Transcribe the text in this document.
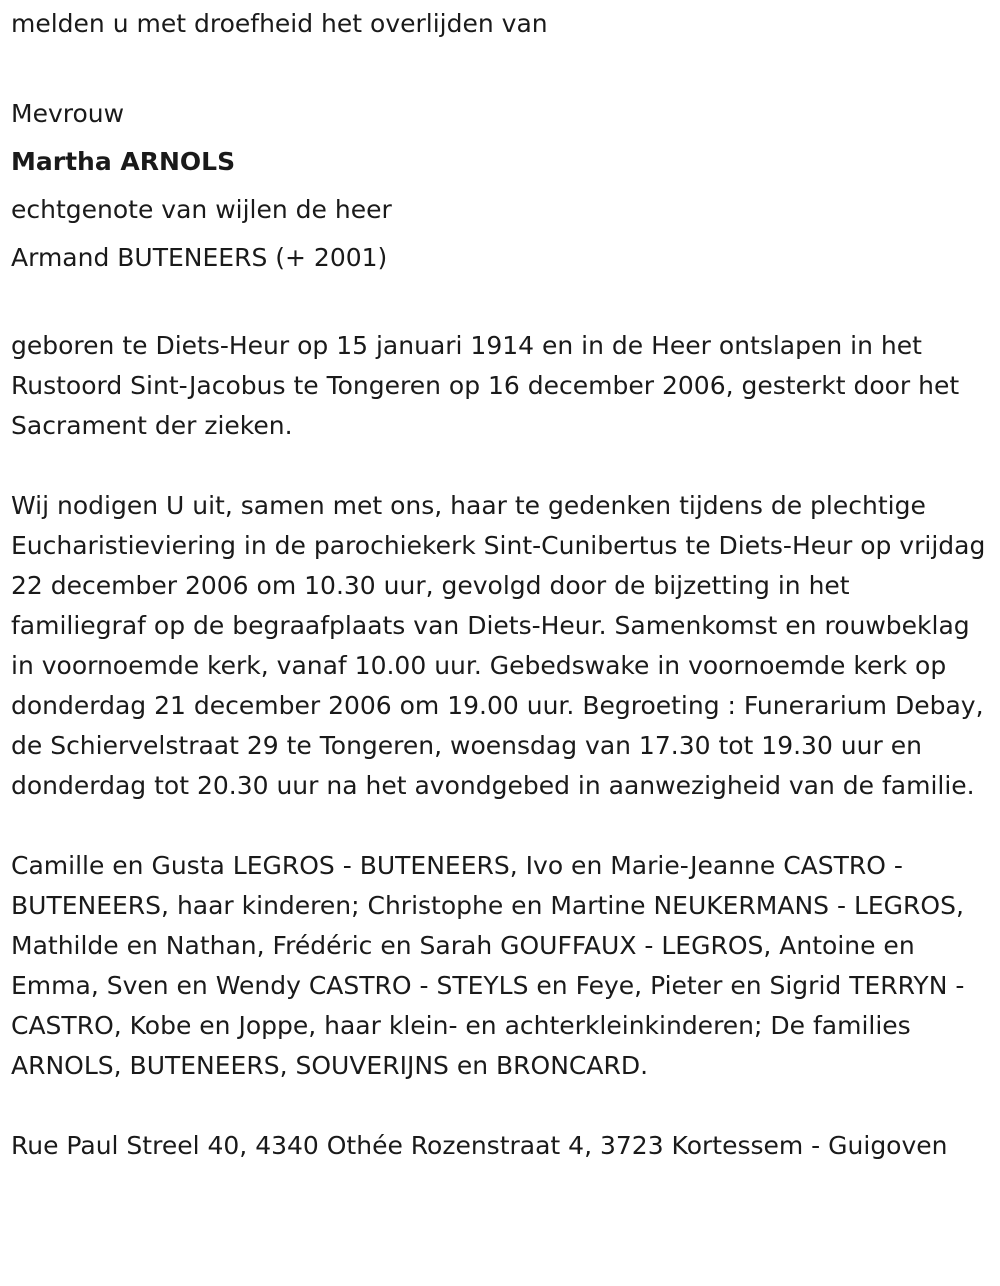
melden u met droefheid het overlijden van

Mevrouw

Martha ARNOLS

echtgenote van wijlen de heer

Armand BUTENEERS (+ 2001)

geboren te Diets-Heur op 15 januari 1914 en in de Heer ontslapen in het Rustoord Sint-Jacobus te Tongeren op 16 december 2006, gesterkt door het Sacrament der zieken.

Wij nodigen U uit, samen met ons, haar te gedenken tijdens de plechtige Eucharistieviering in de parochiekerk Sint-Cunibertus te Diets-Heur op vrijdag 22 december 2006 om 10.30 uur, gevolgd door de bijzetting in het familiegraf op de begraafplaats van Diets-Heur. Samenkomst en rouwbeklag in voornoemde kerk, vanaf 10.00 uur. Gebedswake in voornoemde kerk op donderdag 21 december 2006 om 19.00 uur. Begroeting : Funerarium Debay, de Schiervelstraat 29 te Tongeren, woensdag van 17.30 tot 19.30 uur en donderdag tot 20.30 uur na het avondgebed in aanwezigheid van de familie.

Camille en Gusta LEGROS - BUTENEERS, Ivo en Marie-Jeanne CASTRO - BUTENEERS, haar kinderen; Christophe en Martine NEUKERMANS - LEGROS, Mathilde en Nathan, Frédéric en Sarah GOUFFAUX - LEGROS, Antoine en Emma, Sven en Wendy CASTRO - STEYLS en Feye, Pieter en Sigrid TERRYN - CASTRO, Kobe en Joppe, haar klein- en achterkleinkinderen; De families ARNOLS, BUTENEERS, SOUVERIJNS en BRONCARD.

Rue Paul Streel 40, 4340 Othée Rozenstraat 4, 3723 Kortessem - Guigoven
